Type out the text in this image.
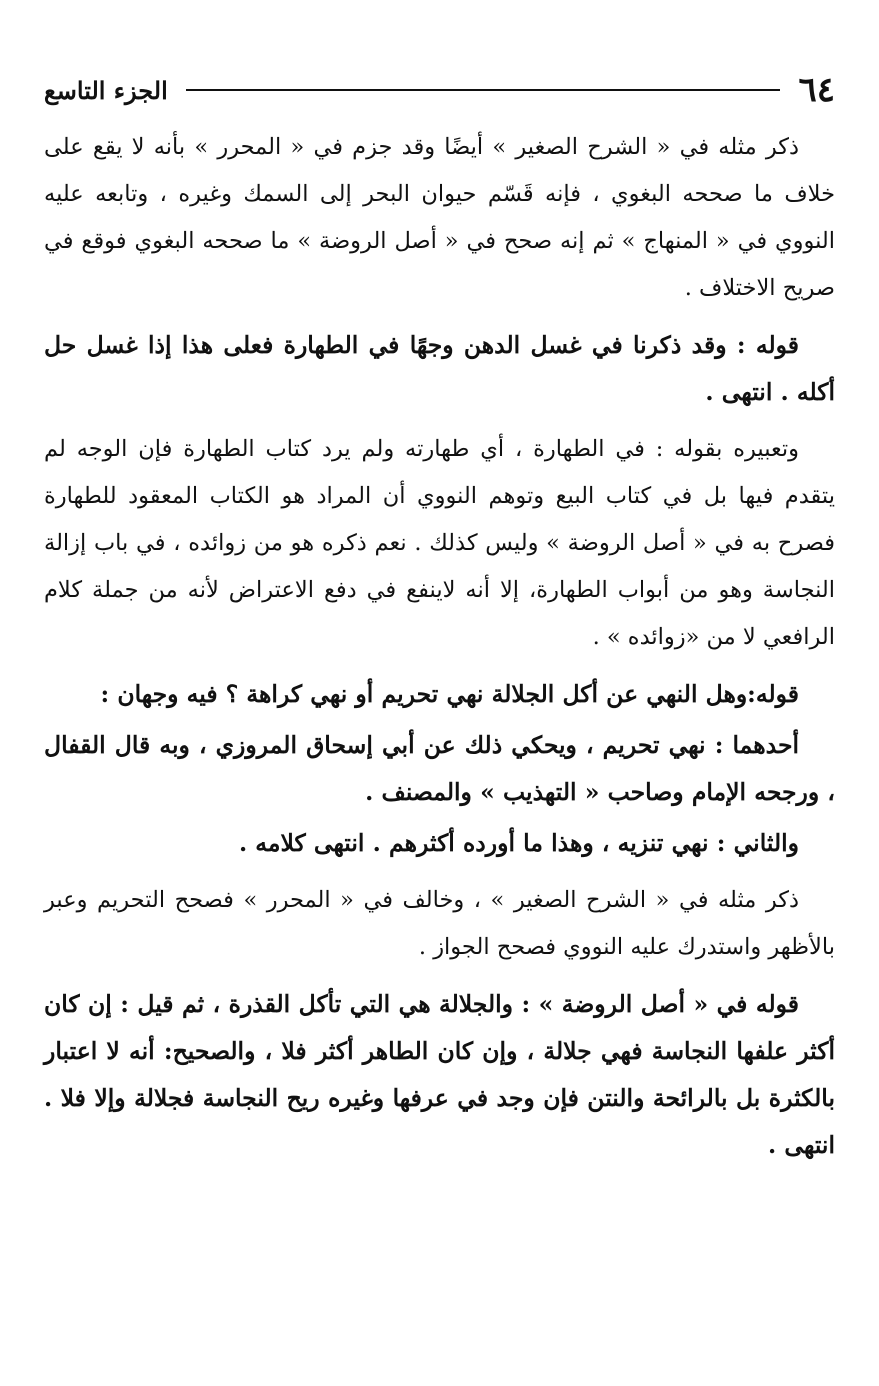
٦٤
الجزء التاسع

ذكر مثله في « الشرح الصغير » أيضًا وقد جزم في « المحرر » بأنه لا يقع على خلاف ما صححه البغوي ، فإنه قَسّم حيوان البحر إلى السمك وغيره ، وتابعه عليه النووي في « المنهاج » ثم إنه صحح في « أصل الروضة » ما صححه البغوي فوقع في صريح الاختلاف .

قوله : وقد ذكرنا في غسل الدهن وجهًا في الطهارة فعلى هذا إذا غسل حل أكله . انتهى .

وتعبيره بقوله : في الطهارة ، أي طهارته ولم يرد كتاب الطهارة فإن الوجه لم يتقدم فيها بل في كتاب البيع وتوهم النووي أن المراد هو الكتاب المعقود للطهارة فصرح به في « أصل الروضة » وليس كذلك . نعم ذكره هو من زوائده ، في باب إزالة النجاسة وهو من أبواب الطهارة، إلا أنه لاينفع في دفع الاعتراض لأنه من جملة كلام الرافعي لا من «زوائده » .

قوله:وهل النهي عن أكل الجلالة نهي تحريم أو نهي كراهة ؟ فيه وجهان :

أحدهما : نهي تحريم ، ويحكي ذلك عن أبي إسحاق المروزي ، وبه قال القفال ، ورجحه الإمام وصاحب « التهذيب » والمصنف .

والثاني : نهي تنزيه ، وهذا ما أورده أكثرهم . انتهى كلامه .

ذكر مثله في « الشرح الصغير » ، وخالف في « المحرر » فصحح التحريم وعبر بالأظهر واستدرك عليه النووي فصحح الجواز .

قوله في « أصل الروضة » : والجلالة هي التي تأكل القذرة ، ثم قيل : إن كان أكثر علفها النجاسة فهي جلالة ، وإن كان الطاهر أكثر فلا ، والصحيح: أنه لا اعتبار بالكثرة بل بالرائحة والنتن فإن وجد في عرفها وغيره ريح النجاسة فجلالة وإلا فلا . انتهى .
